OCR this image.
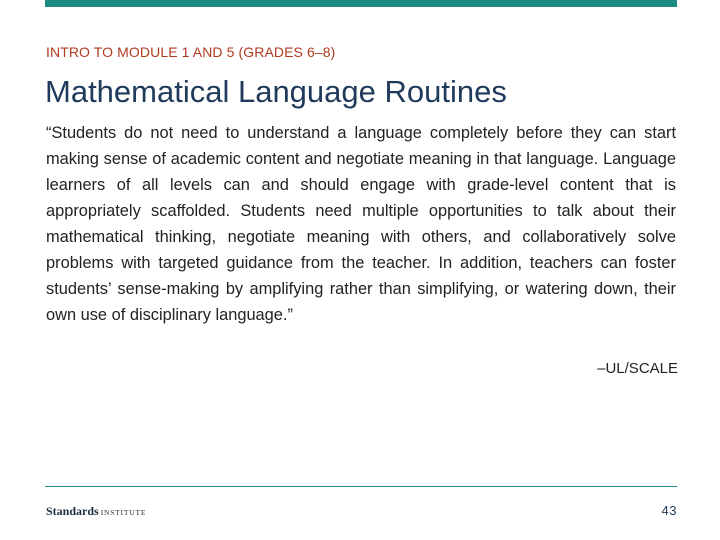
INTRO TO MODULE 1 AND 5 (GRADES 6–8)
Mathematical Language Routines

“Students do not need to understand a language completely before they can start making sense of academic content and negotiate meaning in that language. Language learners of all levels can and should engage with grade-level content that is appropriately scaffolded. Students need multiple opportunities to talk about their mathematical thinking, negotiate meaning with others, and collaboratively solve problems with targeted guidance from the teacher. In addition, teachers can foster students’ sense-making by amplifying rather than simplifying, or watering down, their own use of disciplinary language.”

–UL/SCALE
Standards INSTITUTE	43
